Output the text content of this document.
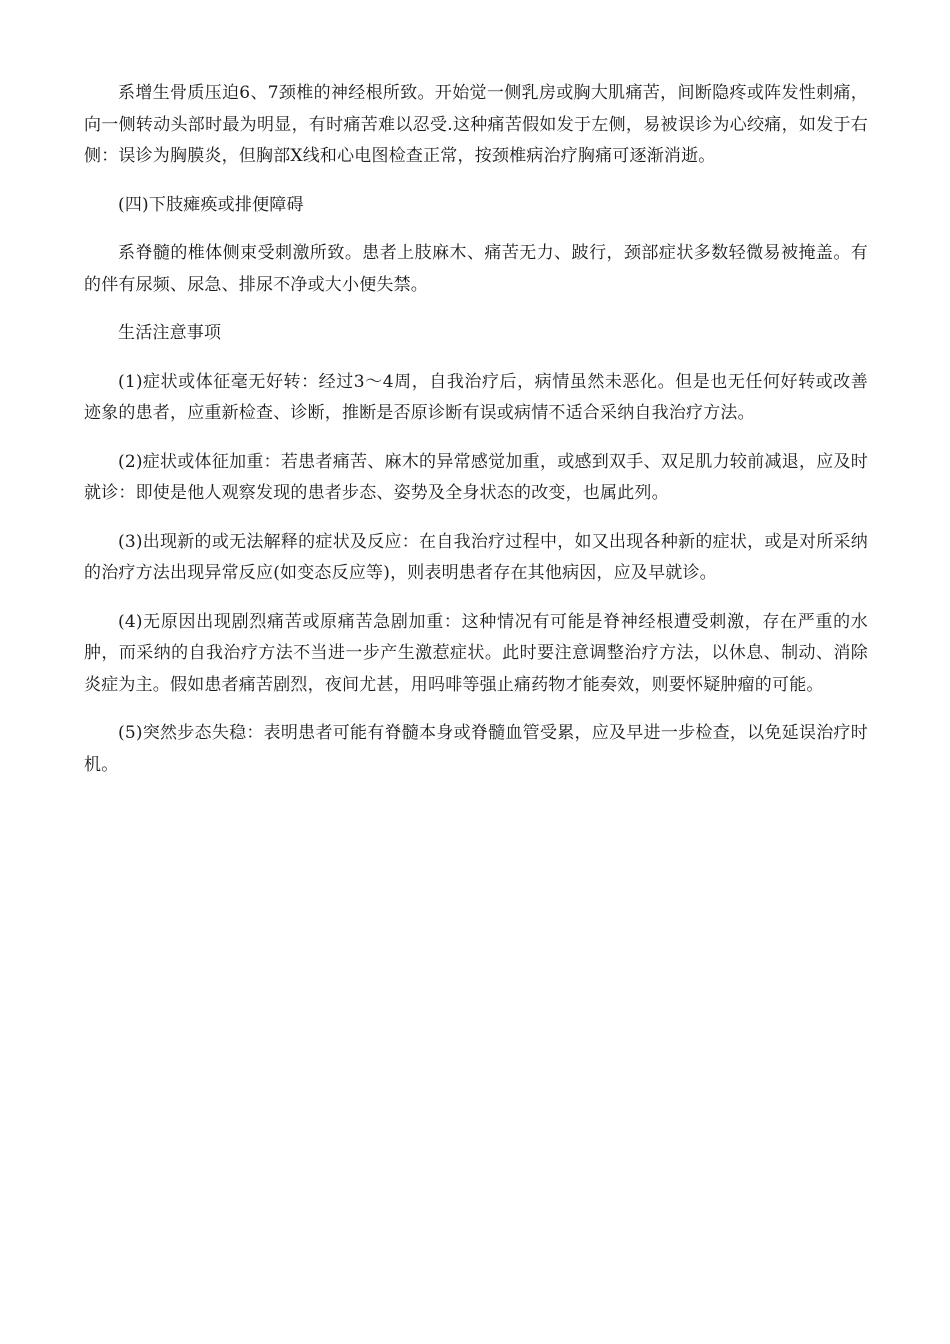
系增生骨质压迫6、7颈椎的神经根所致。开始觉一侧乳房或胸大肌痛苦，间断隐疼或阵发性刺痛，向一侧转动头部时最为明显，有时痛苦难以忍受.这种痛苦假如发于左侧，易被误诊为心绞痛，如发于右侧：误诊为胸膜炎，但胸部X线和心电图检查正常，按颈椎病治疗胸痛可逐渐消逝。

(四)下肢瘫痪或排便障碍

系脊髓的椎体侧束受刺激所致。患者上肢麻木、痛苦无力、跛行，颈部症状多数轻微易被掩盖。有的伴有尿频、尿急、排尿不净或大小便失禁。

生活注意事项

(1)症状或体征毫无好转：经过3～4周，自我治疗后，病情虽然未恶化。但是也无任何好转或改善迹象的患者，应重新检查、诊断，推断是否原诊断有误或病情不适合采纳自我治疗方法。

(2)症状或体征加重：若患者痛苦、麻木的异常感觉加重，或感到双手、双足肌力较前减退，应及时就诊：即使是他人观察发现的患者步态、姿势及全身状态的改变，也属此列。

(3)出现新的或无法解释的症状及反应：在自我治疗过程中，如又出现各种新的症状，或是对所采纳的治疗方法出现异常反应(如变态反应等)，则表明患者存在其他病因，应及早就诊。

(4)无原因出现剧烈痛苦或原痛苦急剧加重：这种情况有可能是脊神经根遭受刺激，存在严重的水肿，而采纳的自我治疗方法不当进一步产生激惹症状。此时要注意调整治疗方法，以休息、制动、消除炎症为主。假如患者痛苦剧烈，夜间尤甚，用吗啡等强止痛药物才能奏效，则要怀疑肿瘤的可能。

(5)突然步态失稳：表明患者可能有脊髓本身或脊髓血管受累，应及早进一步检查，以免延误治疗时机。
